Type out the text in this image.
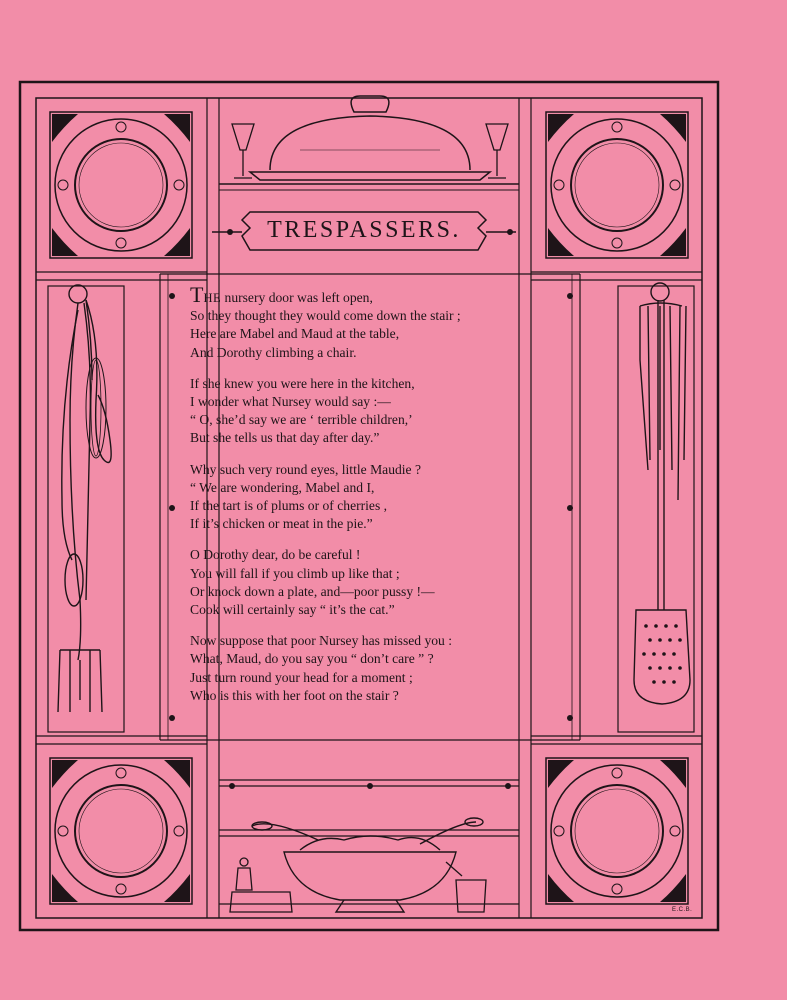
TRESPASSERS.
THE nursery door was left open,
So they thought they would come down the stair ;
Here are Mabel and Maud at the table,
And Dorothy climbing a chair.
If she knew you were here in the kitchen,
I wonder what Nursey would say :—
“ O, she’d say we are ‘ terrible children,’
But she tells us that day after day.”
Why such very round eyes, little Maudie ?
“ We are wondering, Mabel and I,
If the tart is of plums or of cherries ,
If it’s chicken or meat in the pie.”
O Dorothy dear, do be careful !
You will fall if you climb up like that ;
Or knock down a plate, and—poor pussy !—
Cook will certainly say “ it’s the cat.”
Now suppose that poor Nursey has missed you :
What, Maud, do you say you “ don’t care ” ?
Just turn round your head for a moment ;
Who is this with her foot on the stair ?
E.C.B.
